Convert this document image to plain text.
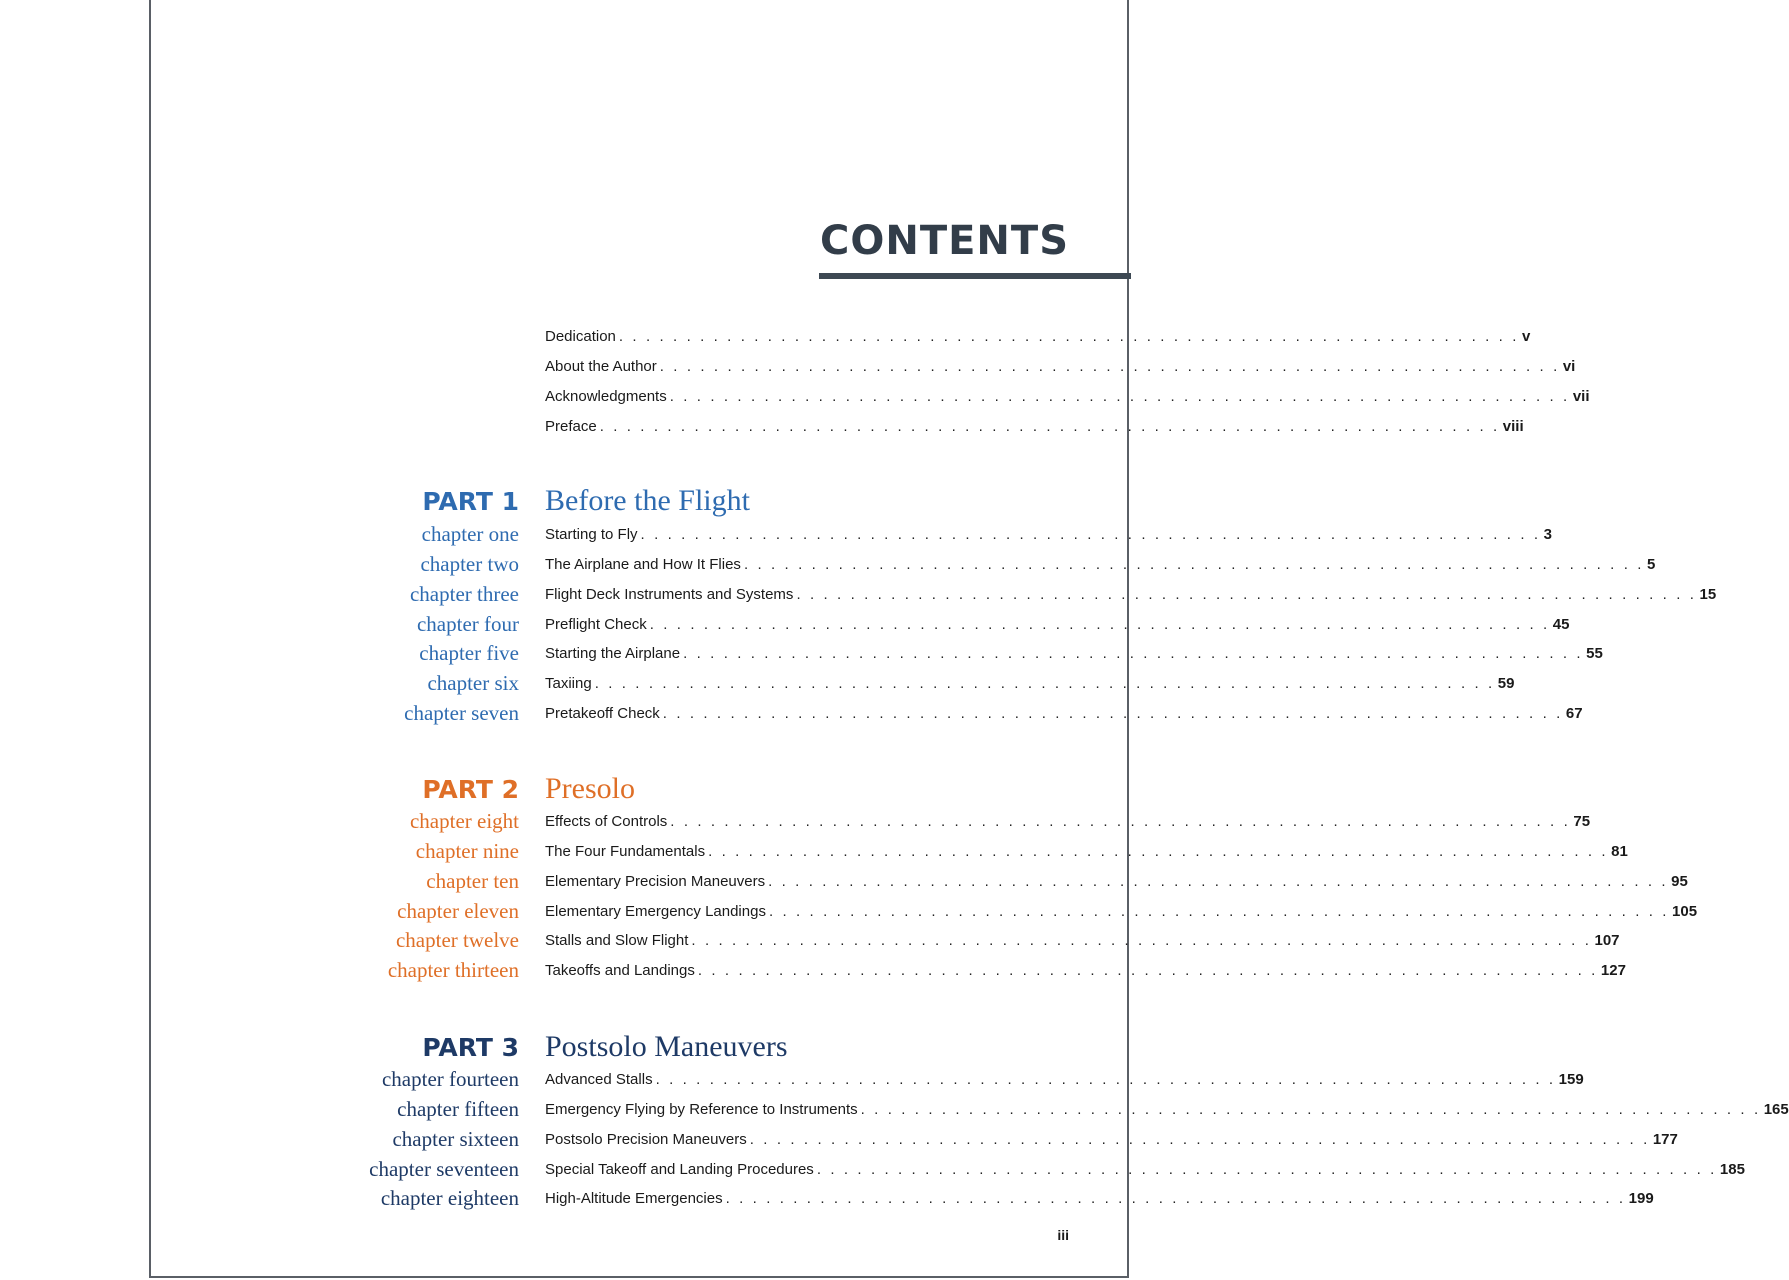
CONTENTS
Dedication . . . . . . . . . . . . . . . . . . . . . . . . . . . . . . . . . . . . . . . . . . . . . . . . . . . . . . . . . . . . . . . . . . . v
About the Author . . . . . . . . . . . . . . . . . . . . . . . . . . . . . . . . . . . . . . . . . . . . . . . . . . . . . . . . . . . . . . . . . . . vi
Acknowledgments . . . . . . . . . . . . . . . . . . . . . . . . . . . . . . . . . . . . . . . . . . . . . . . . . . . . . . . . . . . . . . . . . . . vii
Preface . . . . . . . . . . . . . . . . . . . . . . . . . . . . . . . . . . . . . . . . . . . . . . . . . . . . . . . . . . . . . . . . . . . viii
PART 1 Before the Flight
chapter one Starting to Fly . . . . . . . . . . . . . . . . . . . . . . . . . . . . . . . . . . . . . . . . . . . . . . . . . . . . . . . . . . . . . . . . . . . 3
chapter two The Airplane and How It Flies . . . . . . . . . . . . . . . . . . . . . . . . . . . . . . . . . . . . . . . . . . . . . . . . . . . . . . . . . . . . . . . . . . . 5
chapter three Flight Deck Instruments and Systems . . . . . . . . . . . . . . . . . . . . . . . . . . . . . . . . . . . . . . . . . . . . . . . . . . . . . . . . . . . . . . . . . . . 15
chapter four Preflight Check . . . . . . . . . . . . . . . . . . . . . . . . . . . . . . . . . . . . . . . . . . . . . . . . . . . . . . . . . . . . . . . . . . . 45
chapter five Starting the Airplane . . . . . . . . . . . . . . . . . . . . . . . . . . . . . . . . . . . . . . . . . . . . . . . . . . . . . . . . . . . . . . . . . . . 55
chapter six Taxiing . . . . . . . . . . . . . . . . . . . . . . . . . . . . . . . . . . . . . . . . . . . . . . . . . . . . . . . . . . . . . . . . . . . 59
chapter seven Pretakeoff Check . . . . . . . . . . . . . . . . . . . . . . . . . . . . . . . . . . . . . . . . . . . . . . . . . . . . . . . . . . . . . . . . . . . 67
PART 2 Presolo
chapter eight Effects of Controls . . . . . . . . . . . . . . . . . . . . . . . . . . . . . . . . . . . . . . . . . . . . . . . . . . . . . . . . . . . . . . . . . . . 75
chapter nine The Four Fundamentals . . . . . . . . . . . . . . . . . . . . . . . . . . . . . . . . . . . . . . . . . . . . . . . . . . . . . . . . . . . . . . . . . . . 81
chapter ten Elementary Precision Maneuvers . . . . . . . . . . . . . . . . . . . . . . . . . . . . . . . . . . . . . . . . . . . . . . . . . . . . . . . . . . . . . . . . . . . 95
chapter eleven Elementary Emergency Landings . . . . . . . . . . . . . . . . . . . . . . . . . . . . . . . . . . . . . . . . . . . . . . . . . . . . . . . . . . . . . . . . . . . 105
chapter twelve Stalls and Slow Flight . . . . . . . . . . . . . . . . . . . . . . . . . . . . . . . . . . . . . . . . . . . . . . . . . . . . . . . . . . . . . . . . . . . 107
chapter thirteen Takeoffs and Landings . . . . . . . . . . . . . . . . . . . . . . . . . . . . . . . . . . . . . . . . . . . . . . . . . . . . . . . . . . . . . . . . . . . 127
PART 3 Postsolo Maneuvers
chapter fourteen Advanced Stalls . . . . . . . . . . . . . . . . . . . . . . . . . . . . . . . . . . . . . . . . . . . . . . . . . . . . . . . . . . . . . . . . . . . 159
chapter fifteen Emergency Flying by Reference to Instruments . . . . . . . . . . . . . . . . . . . . . . . . . . . . . . . . . . . . . . . . . . . . . . . . . . . . . . . . . . . . . . . . . . . 165
chapter sixteen Postsolo Precision Maneuvers . . . . . . . . . . . . . . . . . . . . . . . . . . . . . . . . . . . . . . . . . . . . . . . . . . . . . . . . . . . . . . . . . . . 177
chapter seventeen Special Takeoff and Landing Procedures . . . . . . . . . . . . . . . . . . . . . . . . . . . . . . . . . . . . . . . . . . . . . . . . . . . . . . . . . . . . . . . . . . . 185
chapter eighteen High-Altitude Emergencies . . . . . . . . . . . . . . . . . . . . . . . . . . . . . . . . . . . . . . . . . . . . . . . . . . . . . . . . . . . . . . . . . . . 199
iii
